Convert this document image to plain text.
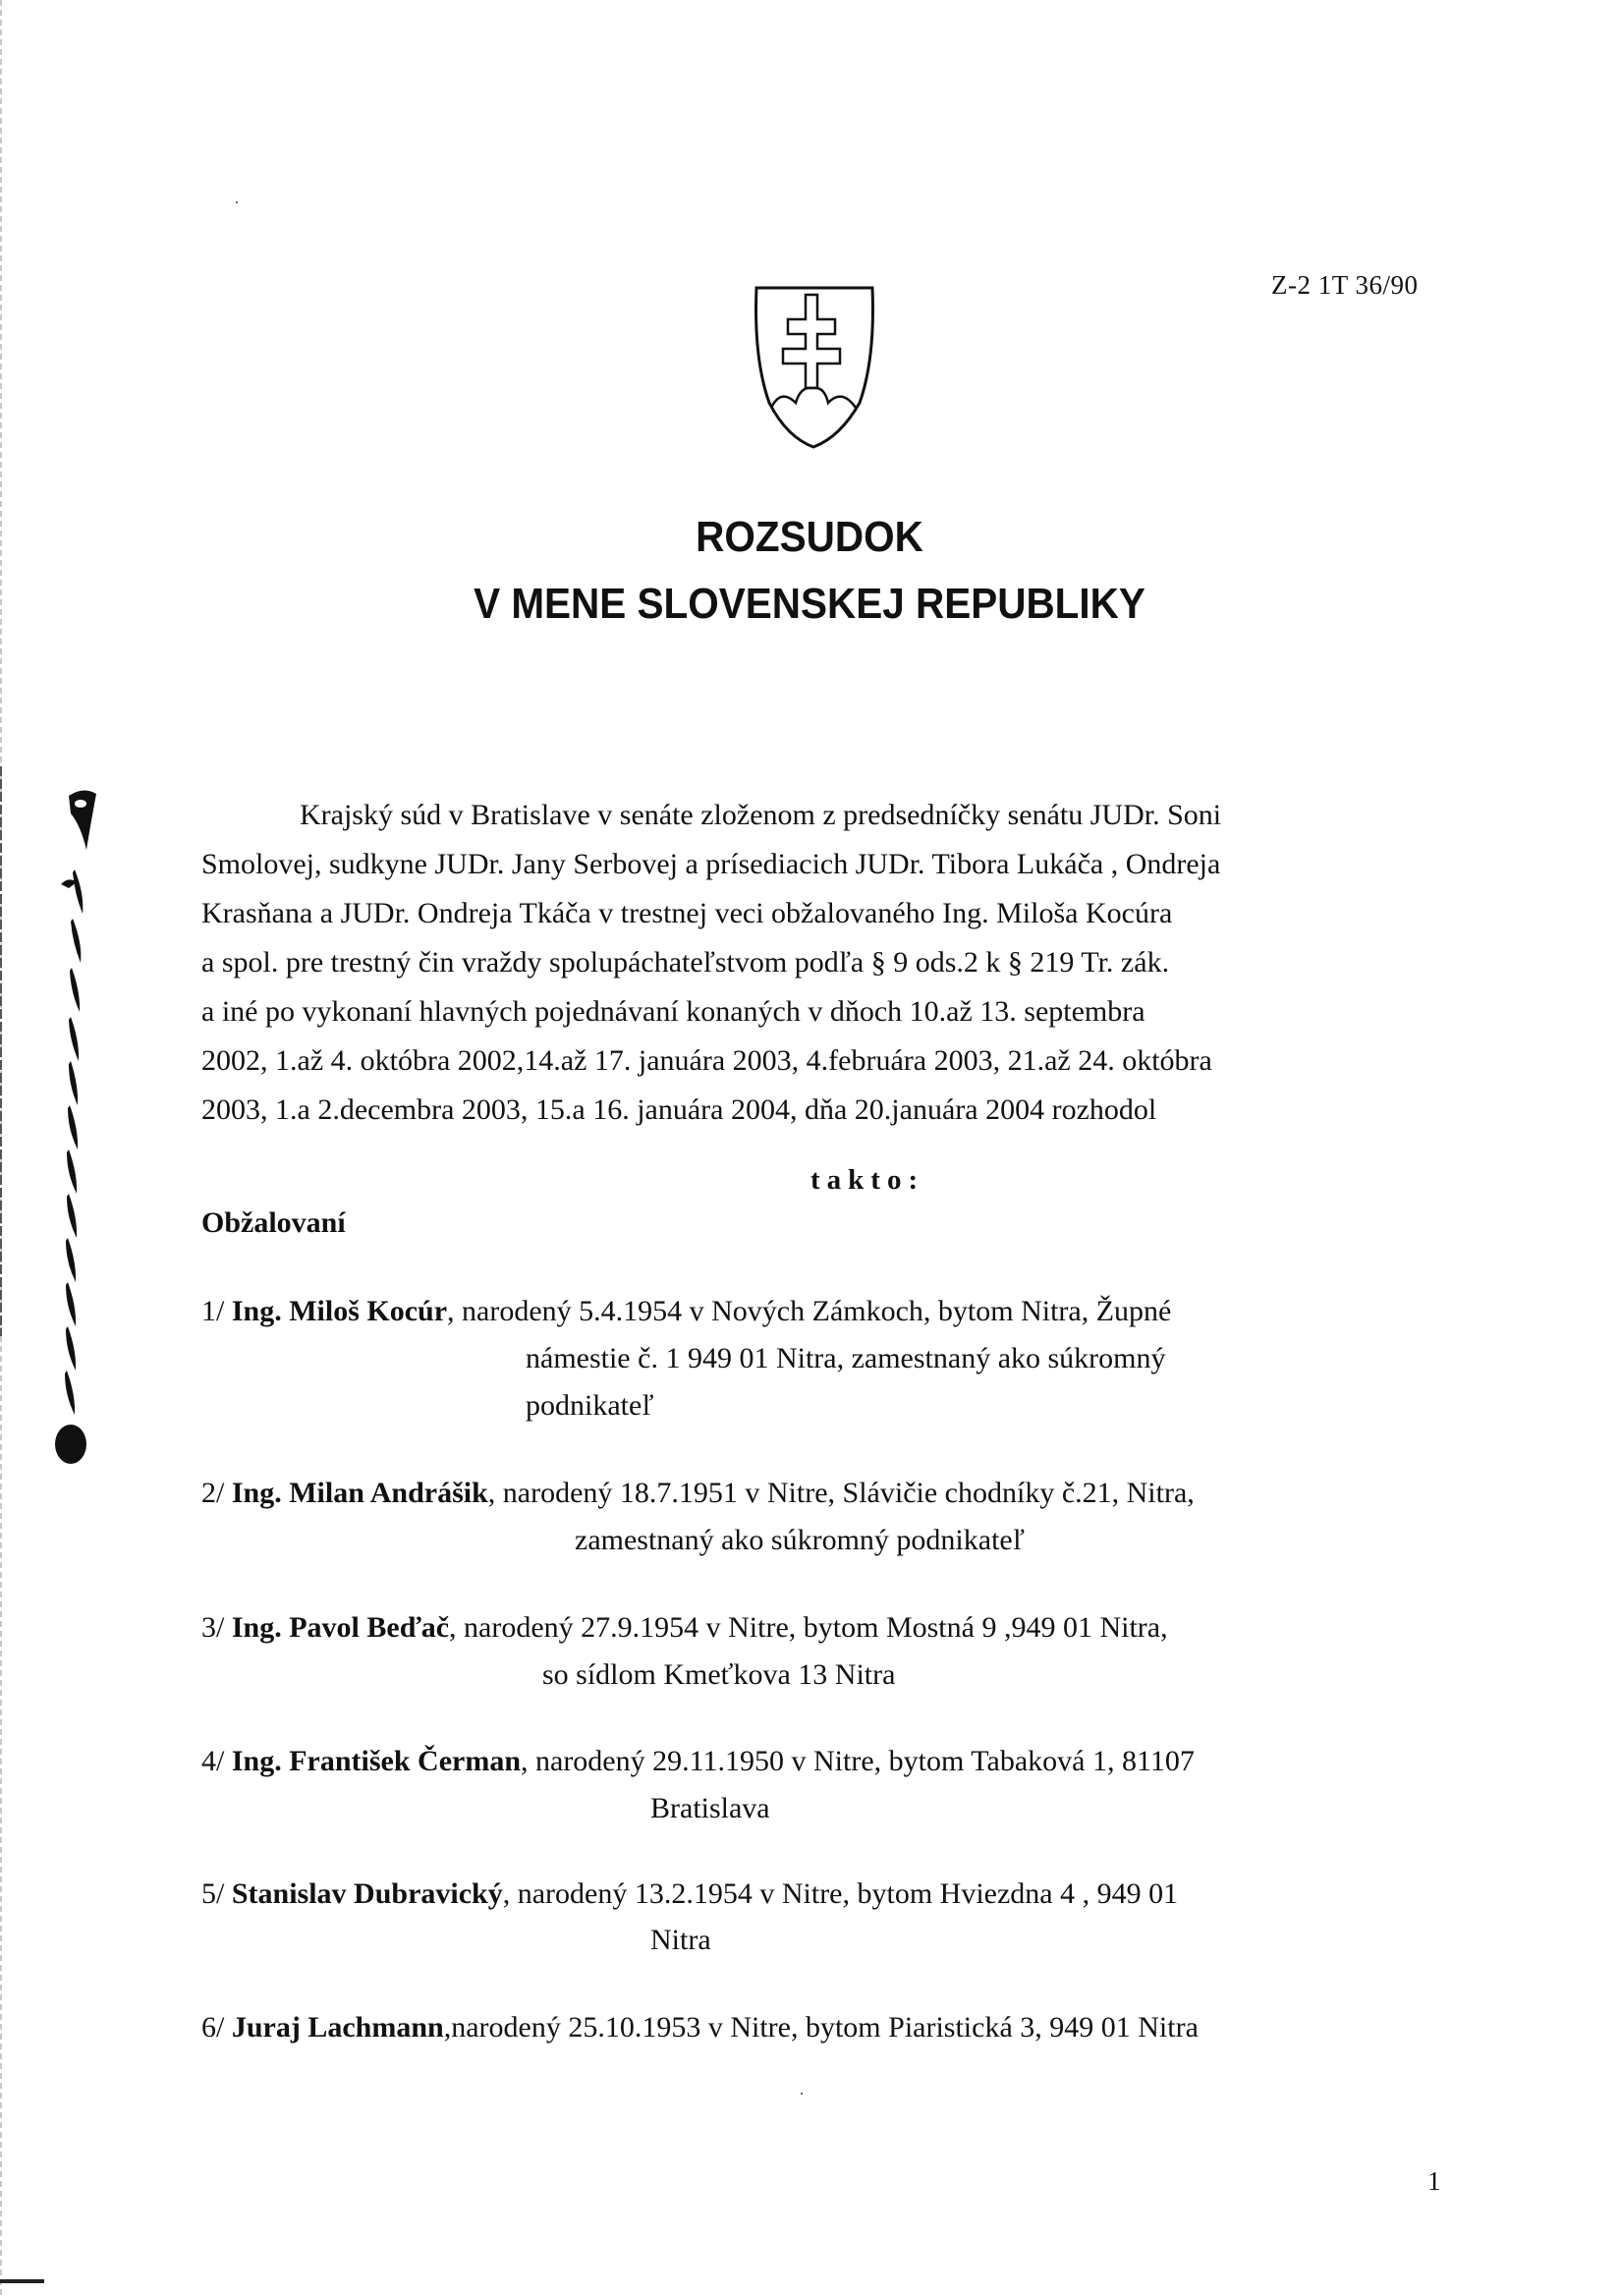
Z-2 1T 36/90
ROZSUDOK
V MENE SLOVENSKEJ REPUBLIKY
Krajský súd v Bratislave v senáte zloženom z predsedníčky senátu JUDr. Soni
Smolovej, sudkyne JUDr. Jany Serbovej a prísediacich JUDr. Tibora Lukáča , Ondreja
Krasňana a JUDr. Ondreja Tkáča v trestnej veci obžalovaného Ing. Miloša Kocúra
a spol. pre trestný čin vraždy spolupáchateľstvom podľa § 9 ods.2 k § 219 Tr. zák.
a iné po vykonaní hlavných pojednávaní konaných v dňoch 10.až 13. septembra
2002, 1.až 4. októbra 2002,14.až 17. januára 2003, 4.februára 2003, 21.až 24. októbra
2003, 1.a 2.decembra 2003, 15.a 16. januára 2004, dňa 20.januára 2004 rozhodol
takto:
Obžalovaní
1/ Ing. Miloš Kocúr, narodený 5.4.1954 v Nových Zámkoch, bytom Nitra, Župné
námestie č. 1 949 01 Nitra, zamestnaný ako súkromný
podnikateľ
2/ Ing. Milan Andrášik, narodený 18.7.1951 v Nitre, Slávičie chodníky č.21, Nitra,
zamestnaný ako súkromný podnikateľ
3/ Ing. Pavol Beďač, narodený 27.9.1954 v Nitre, bytom Mostná 9 ,949 01 Nitra,
so sídlom Kmeťkova 13 Nitra
4/ Ing. František Čerman, narodený 29.11.1950 v Nitre, bytom Tabaková 1, 81107
Bratislava
5/ Stanislav Dubravický, narodený 13.2.1954 v Nitre, bytom Hviezdna 4 , 949 01
Nitra
6/ Juraj Lachmann,narodený 25.10.1953 v Nitre, bytom Piaristická 3, 949 01 Nitra
1
